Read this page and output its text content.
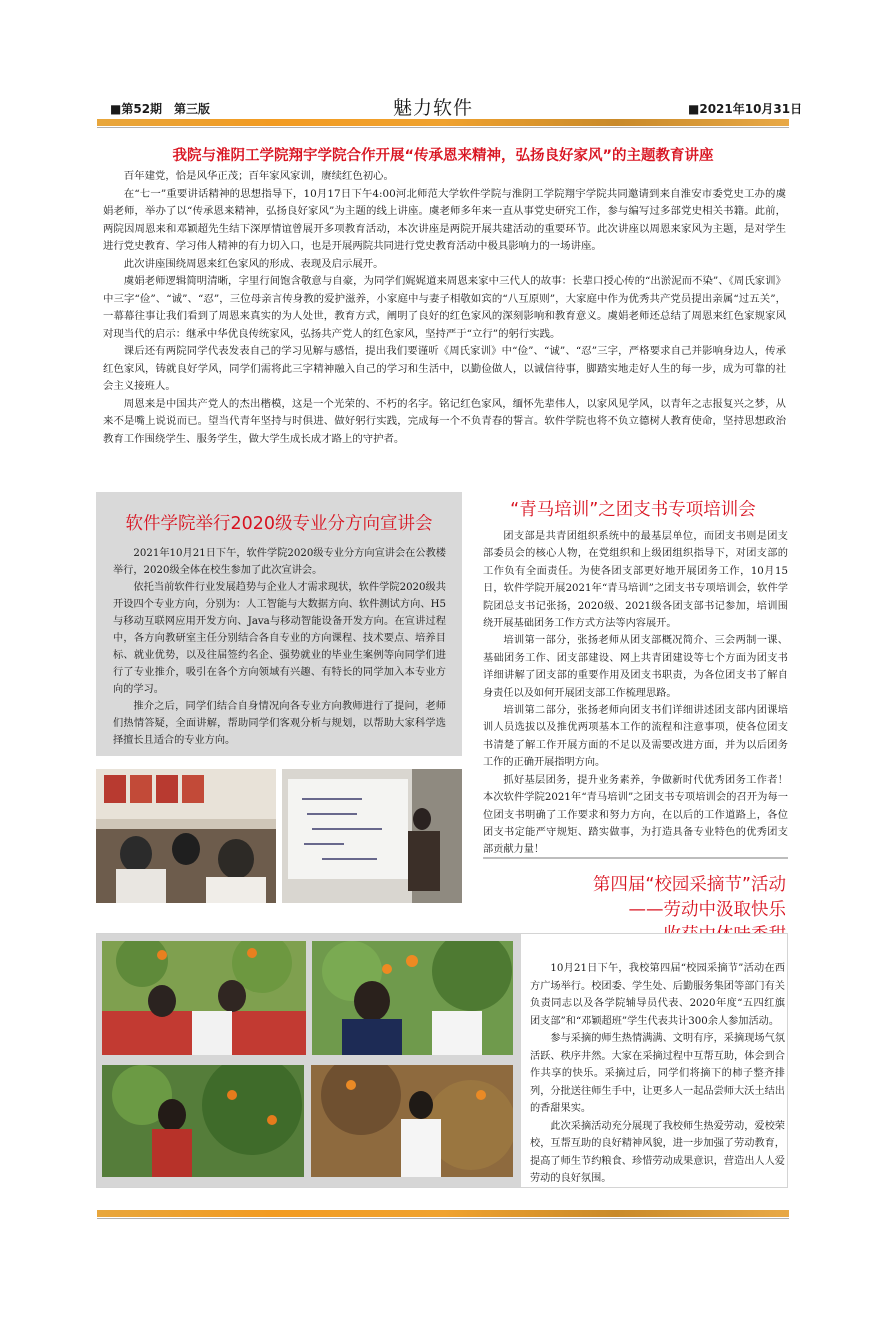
■第52期　第三版	魅力软件	■2021年10月31日
我院与淮阴工学院翔宇学院合作开展“传承恩来精神，弘扬良好家风”的主题教育讲座

百年建党，恰是风华正茂；百年家风家训，赓续红色初心。

在“七一”重要讲话精神的思想指导下，10月17日下午4:00河北师范大学软件学院与淮阴工学院翔宇学院共同邀请到来自淮安市委党史工办的虞娟老师，举办了以“传承恩来精神，弘扬良好家风”为主题的线上讲座。虞老师多年来一直从事党史研究工作，参与编写过多部党史相关书籍。此前，两院因周恩来和邓颖超先生结下深厚情谊曾展开多项教育活动，本次讲座是两院开展共建活动的重要环节。此次讲座以周恩来家风为主题，是对学生进行党史教育、学习伟人精神的有力切入口，也是开展两院共同进行党史教育活动中极具影响力的一场讲座。

此次讲座围绕周恩来红色家风的形成、表现及启示展开。

虞娟老师逻辑简明清晰，字里行间饱含敬意与自豪，为同学们娓娓道来周恩来家中三代人的故事：长辈口授心传的“出淤泥而不染”、《周氏家训》中三字“俭”、“诚”、“忍”，三位母亲言传身教的爱护滋养，小家庭中与妻子相敬如宾的“八互原则”，大家庭中作为优秀共产党员提出亲属“过五关”，一幕幕往事让我们看到了周恩来真实的为人处世，教育方式，阐明了良好的红色家风的深刻影响和教育意义。虞娟老师还总结了周恩来红色家规家风对现当代的启示：继承中华优良传统家风，弘扬共产党人的红色家风，坚持严于“立行”的躬行实践。

课后还有两院同学代表发表自己的学习见解与感悟，提出我们要谨听《周氏家训》中“俭”、“诚”、“忍”三字，严格要求自己并影响身边人，传承红色家风，铸就良好学风，同学们需将此三字精神融入自己的学习和生活中，以勤俭做人，以诚信待事，脚踏实地走好人生的每一步，成为可靠的社会主义接班人。

周恩来是中国共产党人的杰出楷模，这是一个光荣的、不朽的名字。铭记红色家风，缅怀先辈伟人，以家风见学风，以青年之志报复兴之梦，从来不是嘴上说说而已。望当代青年坚持与时俱进、做好躬行实践，完成每一个不负青春的誓言。软件学院也将不负立德树人教育使命，坚持思想政治教育工作围绕学生、服务学生，做大学生成长成才路上的守护者。

软件学院举行2020级专业分方向宣讲会

2021年10月21日下午，软件学院2020级专业分方向宣讲会在公教楼举行，2020级全体在校生参加了此次宣讲会。

依托当前软件行业发展趋势与企业人才需求现状，软件学院2020级共开设四个专业方向，分别为：人工智能与大数据方向、软件测试方向、H5与移动互联网应用开发方向、Java与移动智能设备开发方向。在宣讲过程中，各方向教研室主任分别结合各自专业的方向课程、技术要点、培养目标、就业优势，以及往届签约名企、强势就业的毕业生案例等向同学们进行了专业推介，吸引在各个方向领域有兴趣、有特长的同学加入本专业方向的学习。

推介之后，同学们结合自身情况向各专业方向教师进行了提问，老师们热情答疑，全面讲解，帮助同学们客观分析与规划，以帮助大家科学选择擅长且适合的专业方向。

“青马培训”之团支书专项培训会

团支部是共青团组织系统中的最基层单位，而团支书则是团支部委员会的核心人物，在党组织和上级团组织指导下，对团支部的工作负有全面责任。为使各团支部更好地开展团务工作，10月15日，软件学院开展2021年“青马培训”之团支书专项培训会，软件学院团总支书记张扬，2020级、2021级各团支部书记参加，培训围绕开展基础团务工作方式方法等内容展开。

培训第一部分，张扬老师从团支部概况简介、三会两制一课、基础团务工作、团支部建设、网上共青团建设等七个方面为团支书详细讲解了团支部的重要作用及团支书职责，为各位团支书了解自身责任以及如何开展团支部工作梳理思路。

培训第二部分，张扬老师向团支书们详细讲述团支部内团课培训人员选拔以及推优两项基本工作的流程和注意事项，使各位团支书清楚了解工作开展方面的不足以及需要改进方面，并为以后团务工作的正确开展指明方向。

抓好基层团务，提升业务素养，争做新时代优秀团务工作者！本次软件学院2021年“青马培训”之团支书专项培训会的召开为每一位团支书明确了工作要求和努力方向，在以后的工作道路上，各位团支书定能严守规矩、踏实做事，为打造具备专业特色的优秀团支部贡献力量！

第四届“校园采摘节”活动
——劳动中汲取快乐

10月21日下午，我校第四届“校园采摘节”活动在西方广场举行。校团委、学生处、后勤服务集团等部门有关负责同志以及各学院辅导员代表、2020年度“五四红旗团支部”和“邓颖超班”学生代表共计300余人参加活动。

参与采摘的师生热情满满、文明有序，采摘现场气氛活跃、秩序井然。大家在采摘过程中互帮互助，体会到合作共享的快乐。采摘过后，同学们将摘下的柿子整齐排列，分批送往师生手中，让更多人一起品尝师大沃土结出的香甜果实。

此次采摘活动充分展现了我校师生热爱劳动，爱校荣校，互帮互助的良好精神风貌，进一步加强了劳动教育，提高了师生节约粮食、珍惜劳动成果意识，营造出人人爱劳动的良好氛围。
